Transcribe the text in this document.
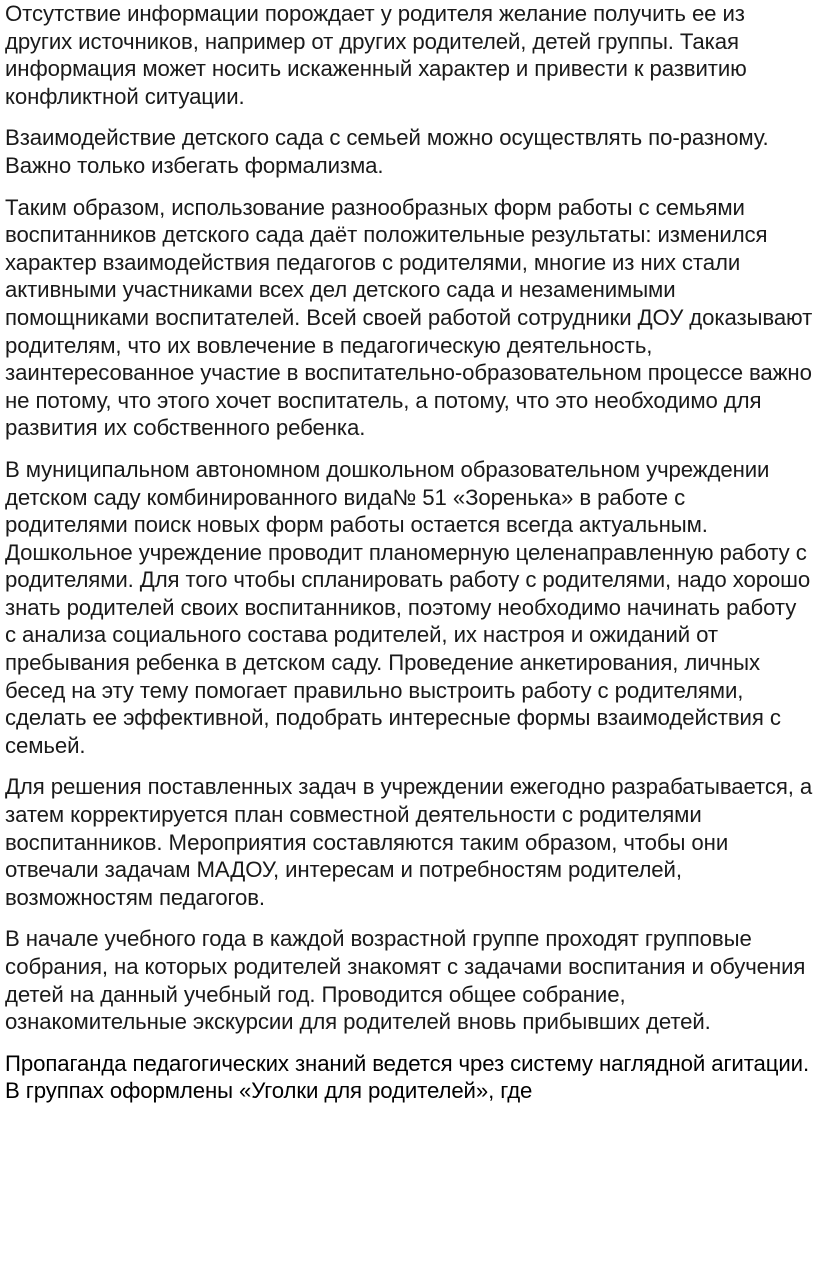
Отсутствие информации порождает у родителя желание получить ее из других источников, например от других родителей, детей группы. Такая информация может носить искаженный характер и привести к развитию конфликтной ситуации.

Взаимодействие детского сада с семьей можно осуществлять по-разному. Важно только избегать формализма.

Таким образом, использование разнообразных форм работы с семьями воспитанников детского сада даёт положительные результаты: изменился характер взаимодействия педагогов с родителями, многие из них стали активными участниками всех дел детского сада и незаменимыми помощниками воспитателей. Всей своей работой сотрудники ДОУ доказывают родителям, что их вовлечение в педагогическую деятельность, заинтересованное участие в воспитательно-образовательном процессе важно не потому, что этого хочет воспитатель, а потому, что это необходимо для развития их собственного ребенка.

В муниципальном автономном дошкольном образовательном учреждении детском саду комбинированного вида№ 51 «Зоренька» в работе с родителями поиск новых форм работы остается всегда актуальным. Дошкольное учреждение проводит планомерную целенаправленную работу с родителями. Для того чтобы спланировать работу с родителями, надо хорошо знать родителей своих воспитанников, поэтому необходимо начинать работу с анализа социального состава родителей, их настроя и ожиданий от пребывания ребенка в детском саду. Проведение анкетирования, личных бесед на эту тему помогает правильно выстроить работу с родителями, сделать ее эффективной, подобрать интересные формы взаимодействия с семьей.

Для решения поставленных задач в учреждении ежегодно разрабатывается, а затем корректируется план совместной деятельности с родителями воспитанников. Мероприятия составляются таким образом, чтобы они отвечали задачам МАДОУ, интересам и потребностям родителей, возможностям педагогов.

В начале учебного года в каждой возрастной группе проходят групповые собрания, на которых родителей знакомят с задачами воспитания и обучения детей на данный учебный год. Проводится общее собрание, ознакомительные экскурсии для родителей вновь прибывших детей.

Пропаганда педагогических знаний ведется чрез систему наглядной агитации. В группах оформлены «Уголки для родителей», где
